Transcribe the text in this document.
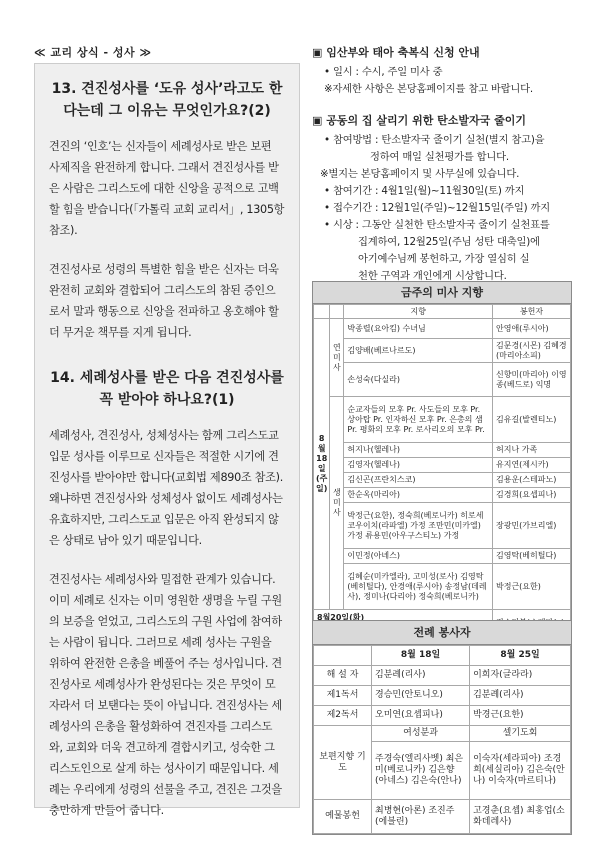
≪ 교리 상식 - 성사 ≫
13. 견진성사를 ‘도유 성사’라고도 한다는데 그 이유는 무엇인가요?(2)
견진의 ‘인호’는 신자들이 세례성사로 받은 보편 사제직을 완전하게 합니다. 그래서 견진성사를 받은 사람은 그리스도에 대한 신앙을 공적으로 고백할 힘을 받습니다(「가톨릭 교회 교리서」, 1305항 참조).
견진성사로 성령의 특별한 힘을 받은 신자는 더욱 완전히 교회와 결합되어 그리스도의 참된 증인으로서 말과 행동으로 신앙을 전파하고 옹호해야 할 더 무거운 책무를 지게 됩니다.
14. 세례성사를 받은 다음 견진성사를 꼭 받아야 하나요?(1)
세례성사, 견진성사, 성체성사는 함께 그리스도교 입문 성사를 이루므로 신자들은 적절한 시기에 견진성사를 받아야만 합니다(교회법 제890조 참조). 왜냐하면 견진성사와 성체성사 없이도 세례성사는 유효하지만, 그리스도교 입문은 아직 완성되지 않은 상태로 남아 있기 때문입니다.
견진성사는 세례성사와 밀접한 관계가 있습니다. 이미 세례로 신자는 이미 영원한 생명을 누릴 구원의 보증을 얻었고, 그리스도의 구원 사업에 참여하는 사람이 됩니다. 그러므로 세례 성사는 구원을 위하여 완전한 은총을 베풀어 주는 성사입니다. 견진성사로 세례성사가 완성된다는 것은 무엇이 모자라서 더 보탠다는 뜻이 아닙니다. 견진성사는 세례성사의 은총을 활성화하여 견진자를 그리스도와, 교회와 더욱 견고하게 결합시키고, 성숙한 그리스도인으로 살게 하는 성사이기 때문입니다. 세례는 우리에게 성령의 선물을 주고, 견진은 그것을 충만하게 만들어 줍니다.
▣ 임산부와 태아 축복식 신청 안내
• 일시 : 수시, 주일 미사 중
※자세한 사항은 본당홈페이지를 참고 바랍니다.
▣ 공동의 집 살리기 위한 탄소발자국 줄이기
• 참여방법 : 탄소발자국 줄이기 실천(별지 참고)을
정하여 매일 실천평가를 합니다.
※별지는 본당홈페이지 및 사무실에 있습니다.
• 참여기간 : 4월1일(월)~11월30일(토) 까지
• 접수기간 : 12월1일(주일)~12월15일(주일) 까지
• 시상 : 그동안 실천한 탄소발자국 줄이기 실천표를
집계하여, 12월25일(주님 성탄 대축일)에
아기예수님께 봉헌하고, 가장 열심히 실
천한 구역과 개인에게 시상합니다.
금주의 미사 지향
		지향	봉헌자
8월 18일 (주일)	연미사	박종렬(요아킴) 수녀님	안영애(루시아)
		김양배(베르나르도)	김문경(시몬) 김혜경(마리아소피)
		손성숙(다실라)	신향미(마리아) 이영종(베드로) 익명
	생미사	순교자들의 모후 Pr. 사도들의 모후 Pr. 상아탑 Pr. 인자하신 모후 Pr. 은총의 샘 Pr. 평화의 모후 Pr. 로사리오의 모후 Pr.	김유길(발렌티노)
		허지나(헬레나)	허지나 가족
		김영자(헬레나)	유지연(제시카)
		김신곤(프란치스코)	김용운(스테파노)
		한순옥(마리아)	김경희(요셉피나)
		박정근(요한), 정숙희(베로니카) 히로세 코우이치(라파엘) 가정 조만민(미카엘) 가정 류용민(아우구스티노) 가정	장광민(가브리엘)
		이민정(아녜스)	김영탁(베히틸다)
		김혜순(미카엘라), 고미성(로사) 김영탁(베히틸다), 안경애(루시아) 송정남(데레사), 정미나(다리아) 정숙희(베로니카)	박정근(요한)

8월20일(화)

전례 봉사자
	8월 18일	8월 25일
해 설 자	김분례(리사)	이희자(글라라)
제1독서	경승민(안토니오)	김분례(리사)
제2독서	오미연(요셉피나)	박경근(요한)
보편지향 기 도	여성분과	셀기도회
	주경숙(엘리사벳) 최은미(베로니카) 김은향(아네스) 김은숙(안나)	이숙자(세라피아) 조경희(세실리아) 김은숙(안나) 이숙자(마르티나)
예물봉헌	최병현(아론) 조진주(에블린)	고경춘(요셉) 최홍업(소화데레사)
